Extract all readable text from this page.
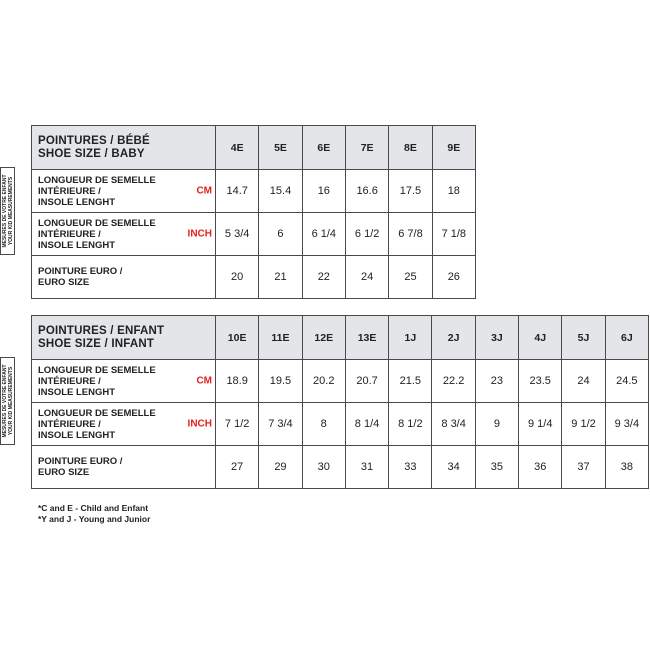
MESURES DE VOTRE ENFANT
YOUR KID MEASUREMENTS
MESURES DE VOTRE ENFANT
YOUR KID MEASUREMENTS
POINTURES / BÉBÉ
SHOE SIZE / BABY	4E	5E	6E	7E	8E	9E

LONGUEUR DE SEMELLE
INTÉRIEURE /
INSOLE LENGHT
CM	14.7	15.4	16	16.6	17.5	18

LONGUEUR DE SEMELLE
INTÉRIEURE /
INSOLE LENGHT
INCH	5 3/4	6	6 1/4	6 1/2	6 7/8	7 1/8

POINTURE EURO /
EURO SIZE	20	21	22	24	25	26
POINTURES / ENFANT
SHOE SIZE / INFANT	10E	11E	12E	13E	1J	2J	3J	4J	5J	6J

LONGUEUR DE SEMELLE
INTÉRIEURE /
INSOLE LENGHT
CM	18.9	19.5	20.2	20.7	21.5	22.2	23	23.5	24	24.5

LONGUEUR DE SEMELLE
INTÉRIEURE /
INSOLE LENGHT
INCH	7 1/2	7 3/4	8	8 1/4	8 1/2	8 3/4	9	9 1/4	9 1/2	9 3/4

POINTURE EURO /
EURO SIZE	27	29	30	31	33	34	35	36	37	38
*C and E - Child and Enfant
*Y and J - Young and Junior
